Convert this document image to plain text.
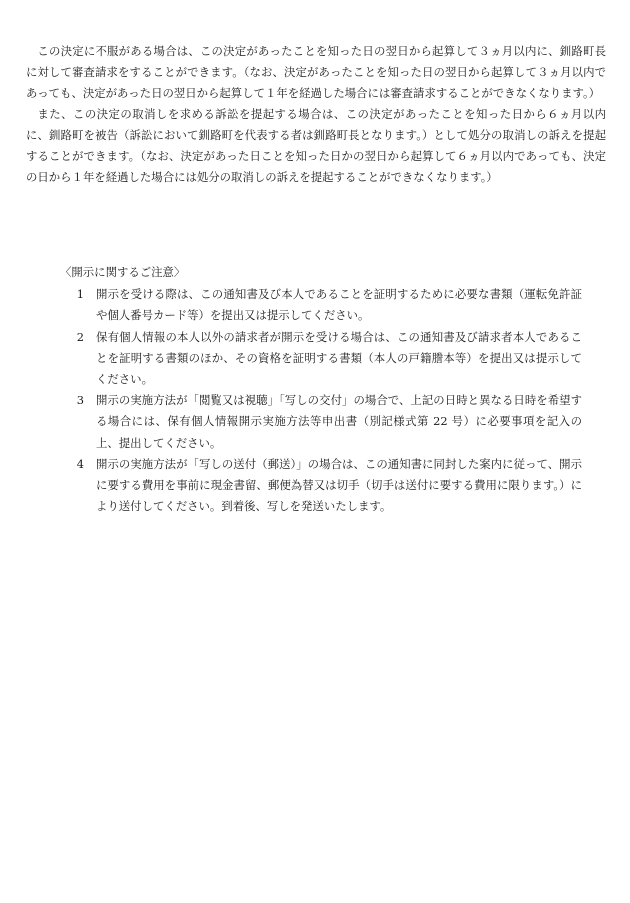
この決定に不服がある場合は、この決定があったことを知った日の翌日から起算して３ヵ月以内に、釧路町長に対して審査請求をすることができます。（なお、決定があったことを知った日の翌日から起算して３ヵ月以内であっても、決定があった日の翌日から起算して１年を経過した場合には審査請求することができなくなります。）

また、この決定の取消しを求める訴訟を提起する場合は、この決定があったことを知った日から６ヵ月以内に、釧路町を被告（訴訟において釧路町を代表する者は釧路町長となります。）として処分の取消しの訴えを提起することができます。（なお、決定があった日ことを知った日かの翌日から起算して６ヵ月以内であっても、決定の日から１年を経過した場合には処分の取消しの訴えを提起することができなくなります。）

〈開示に関するご注意〉
1	開示を受ける際は、この通知書及び本人であることを証明するために必要な書類（運転免許証や個人番号カード等）を提出又は提示してください。
2	保有個人情報の本人以外の請求者が開示を受ける場合は、この通知書及び請求者本人であることを証明する書類のほか、その資格を証明する書類（本人の戸籍謄本等）を提出又は提示してください。
3	開示の実施方法が「閲覧又は視聴」「写しの交付」の場合で、上記の日時と異なる日時を希望する場合には、保有個人情報開示実施方法等申出書（別記様式第 22 号）に必要事項を記入の上、提出してください。
4	開示の実施方法が「写しの送付（郵送）」の場合は、この通知書に同封した案内に従って、開示に要する費用を事前に現金書留、郵便為替又は切手（切手は送付に要する費用に限ります。）により送付してください。到着後、写しを発送いたします。
